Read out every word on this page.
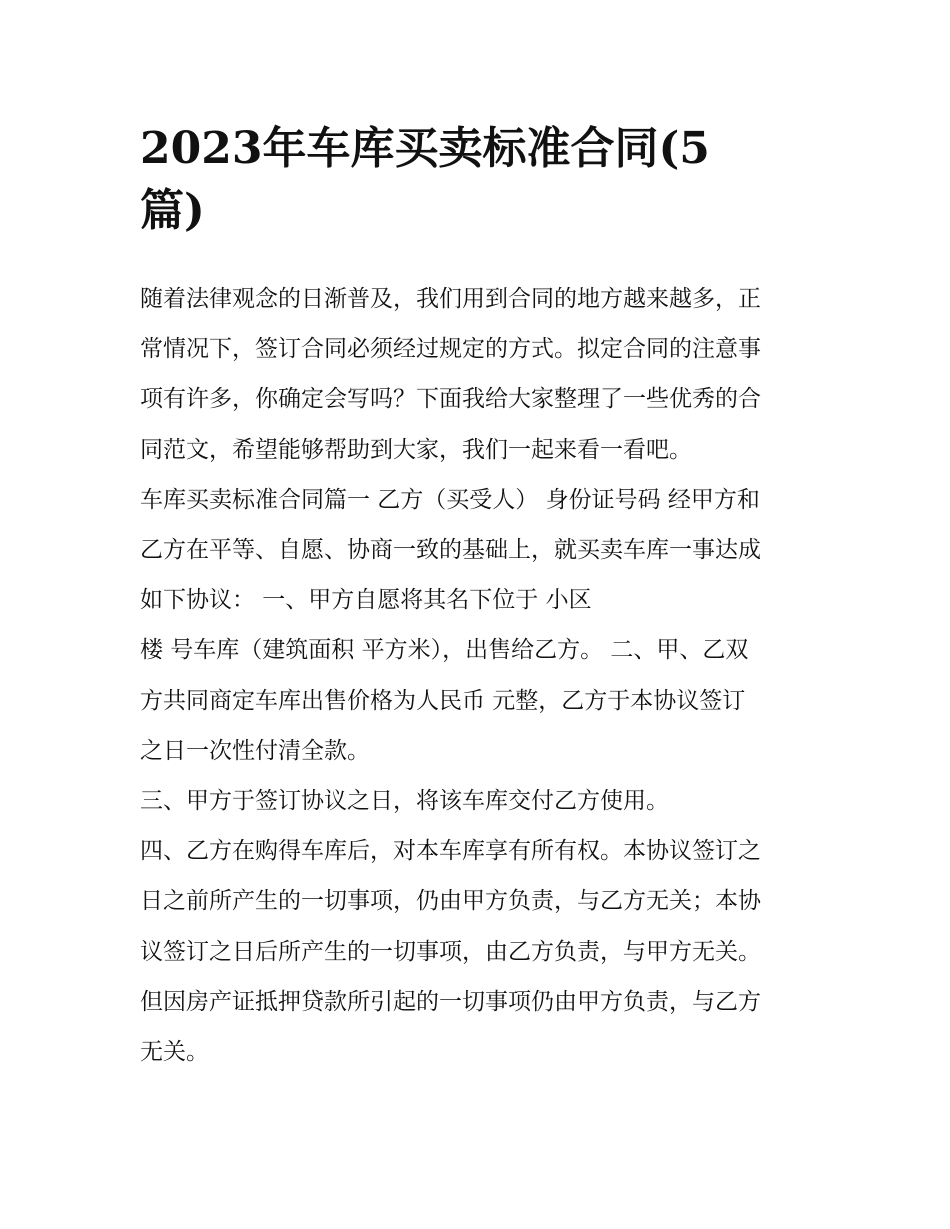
2023年车库买卖标准合同(5
篇)
随着法律观念的日渐普及，我们用到合同的地方越来越多，正
常情况下，签订合同必须经过规定的方式。拟定合同的注意事
项有许多，你确定会写吗？下面我给大家整理了一些优秀的合
同范文，希望能够帮助到大家，我们一起来看一看吧。
车库买卖标准合同篇一 乙方（买受人） 身份证号码 经甲方和
乙方在平等、自愿、协商一致的基础上，就买卖车库一事达成
如下协议： 一、甲方自愿将其名下位于 小区
楼 号车库（建筑面积 平方米），出售给乙方。 二、甲、乙双
方共同商定车库出售价格为人民币 元整，乙方于本协议签订
之日一次性付清全款。
三、甲方于签订协议之日，将该车库交付乙方使用。
四、乙方在购得车库后，对本车库享有所有权。本协议签订之
日之前所产生的一切事项，仍由甲方负责，与乙方无关；本协
议签订之日后所产生的一切事项，由乙方负责，与甲方无关。
但因房产证抵押贷款所引起的一切事项仍由甲方负责，与乙方
无关。
